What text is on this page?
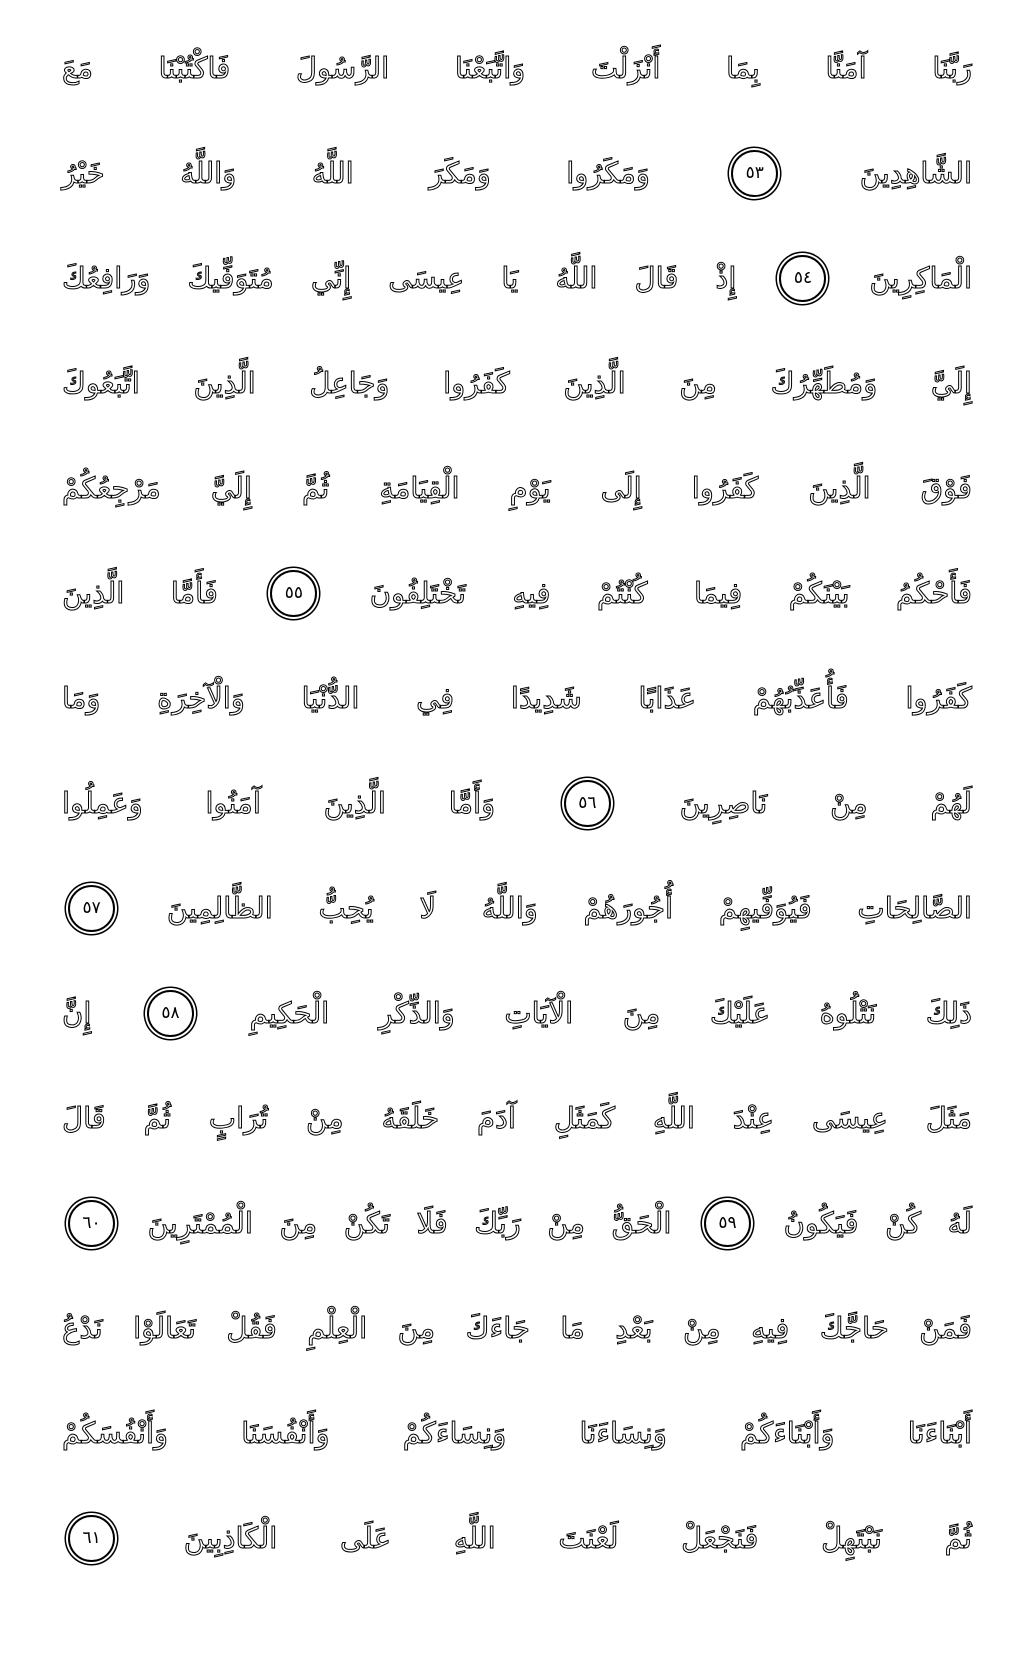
رَبَّنَا
آمَنَّا
بِمَا
أَنْزَلْتَ
وَاتَّبَعْنَا
الرَّسُولَ
فَاكْتُبْنَا
مَعَ
الشَّاهِدِينَ
٥٣
وَمَكَرُوا
وَمَكَرَ
اللَّهُ
وَاللَّهُ
خَيْرُ
الْمَاكِرِينَ
٥٤
إِذْ
قَالَ
اللَّهُ
يَا
عِيسَى
إِنِّي
مُتَوَفِّيكَ
وَرَافِعُكَ
إِلَيَّ
وَمُطَهِّرُكَ
مِنَ
الَّذِينَ
كَفَرُوا
وَجَاعِلُ
الَّذِينَ
اتَّبَعُوكَ
فَوْقَ
الَّذِينَ
كَفَرُوا
إِلَى
يَوْمِ
الْقِيَامَةِ
ثُمَّ
إِلَيَّ
مَرْجِعُكُمْ
فَأَحْكُمُ
بَيْنَكُمْ
فِيمَا
كُنْتُمْ
فِيهِ
تَخْتَلِفُونَ
٥٥
فَأَمَّا
الَّذِينَ
كَفَرُوا
فَأُعَذِّبُهُمْ
عَذَابًا
شَدِيدًا
فِي
الدُّنْيَا
وَالْآخِرَةِ
وَمَا
لَهُمْ
مِنْ
نَاصِرِينَ
٥٦
وَأَمَّا
الَّذِينَ
آمَنُوا
وَعَمِلُوا
الصَّالِحَاتِ
فَيُوَفِّيهِمْ
أُجُورَهُمْ
وَاللَّهُ
لَا
يُحِبُّ
الظَّالِمِينَ
٥٧
ذَلِكَ
نَتْلُوهُ
عَلَيْكَ
مِنَ
الْآيَاتِ
وَالذِّكْرِ
الْحَكِيمِ
٥٨
إِنَّ
مَثَلَ
عِيسَى
عِنْدَ
اللَّهِ
كَمَثَلِ
آدَمَ
خَلَقَهُ
مِنْ
تُرَابٍ
ثُمَّ
قَالَ
لَهُ
كُنْ
فَيَكُونُ
٥٩
الْحَقُّ
مِنْ
رَبِّكَ
فَلَا
تَكُنْ
مِنَ
الْمُمْتَرِينَ
٦٠
فَمَنْ
حَاجَّكَ
فِيهِ
مِنْ
بَعْدِ
مَا
جَاءَكَ
مِنَ
الْعِلْمِ
فَقُلْ
تَعَالَوْا
نَدْعُ
أَبْنَاءَنَا
وَأَبْنَاءَكُمْ
وَنِسَاءَنَا
وَنِسَاءَكُمْ
وَأَنْفُسَنَا
وَأَنْفُسَكُمْ
ثُمَّ
نَبْتَهِلْ
فَنَجْعَلْ
لَعْنَتَ
اللَّهِ
عَلَى
الْكَاذِبِينَ
٦١
